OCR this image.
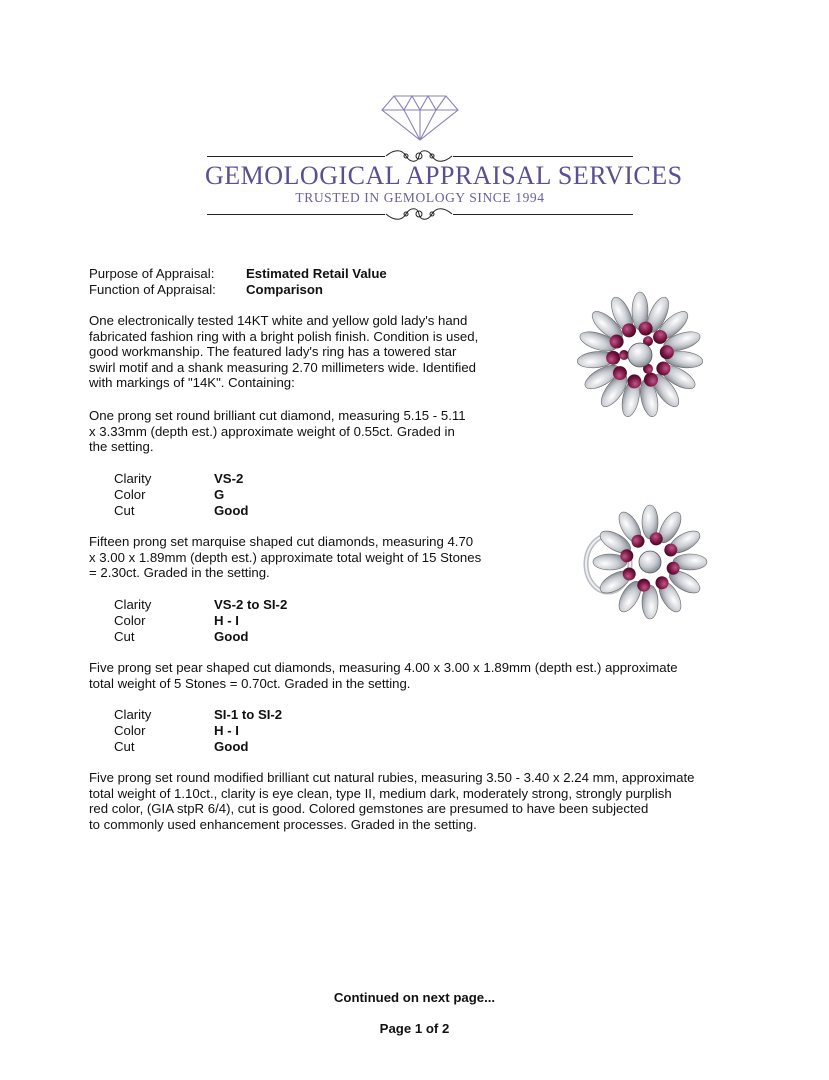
GEMOLOGICAL APPRAISAL SERVICES
TRUSTED IN GEMOLOGY SINCE 1994
Purpose of Appraisal: Estimated Retail Value
Function of Appraisal: Comparison
One electronically tested 14KT white and yellow gold lady's hand
fabricated fashion ring with a bright polish finish. Condition is used,
good workmanship. The featured lady's ring has a towered star
swirl motif and a shank measuring 2.70 millimeters wide. Identified
with markings of "14K". Containing:
One prong set round brilliant cut diamond, measuring 5.15 - 5.11
x 3.33mm (depth est.) approximate weight of 0.55ct. Graded in
the setting.
Clarity	VS-2
Color	G
Cut	Good
Fifteen prong set marquise shaped cut diamonds, measuring 4.70
x 3.00 x 1.89mm (depth est.) approximate total weight of 15 Stones
= 2.30ct. Graded in the setting.
Clarity	VS-2 to SI-2
Color	H - I
Cut	Good
Five prong set pear shaped cut diamonds, measuring 4.00 x 3.00 x 1.89mm (depth est.) approximate
total weight of 5 Stones = 0.70ct. Graded in the setting.
Clarity	SI-1 to SI-2
Color	H - I
Cut	Good
Five prong set round modified brilliant cut natural rubies, measuring 3.50 - 3.40 x 2.24 mm, approximate
total weight of 1.10ct., clarity is eye clean, type II, medium dark, moderately strong, strongly purplish
red color, (GIA stpR 6/4), cut is good. Colored gemstones are presumed to have been subjected
to commonly used enhancement processes. Graded in the setting.
Continued on next page...
Page 1 of 2
